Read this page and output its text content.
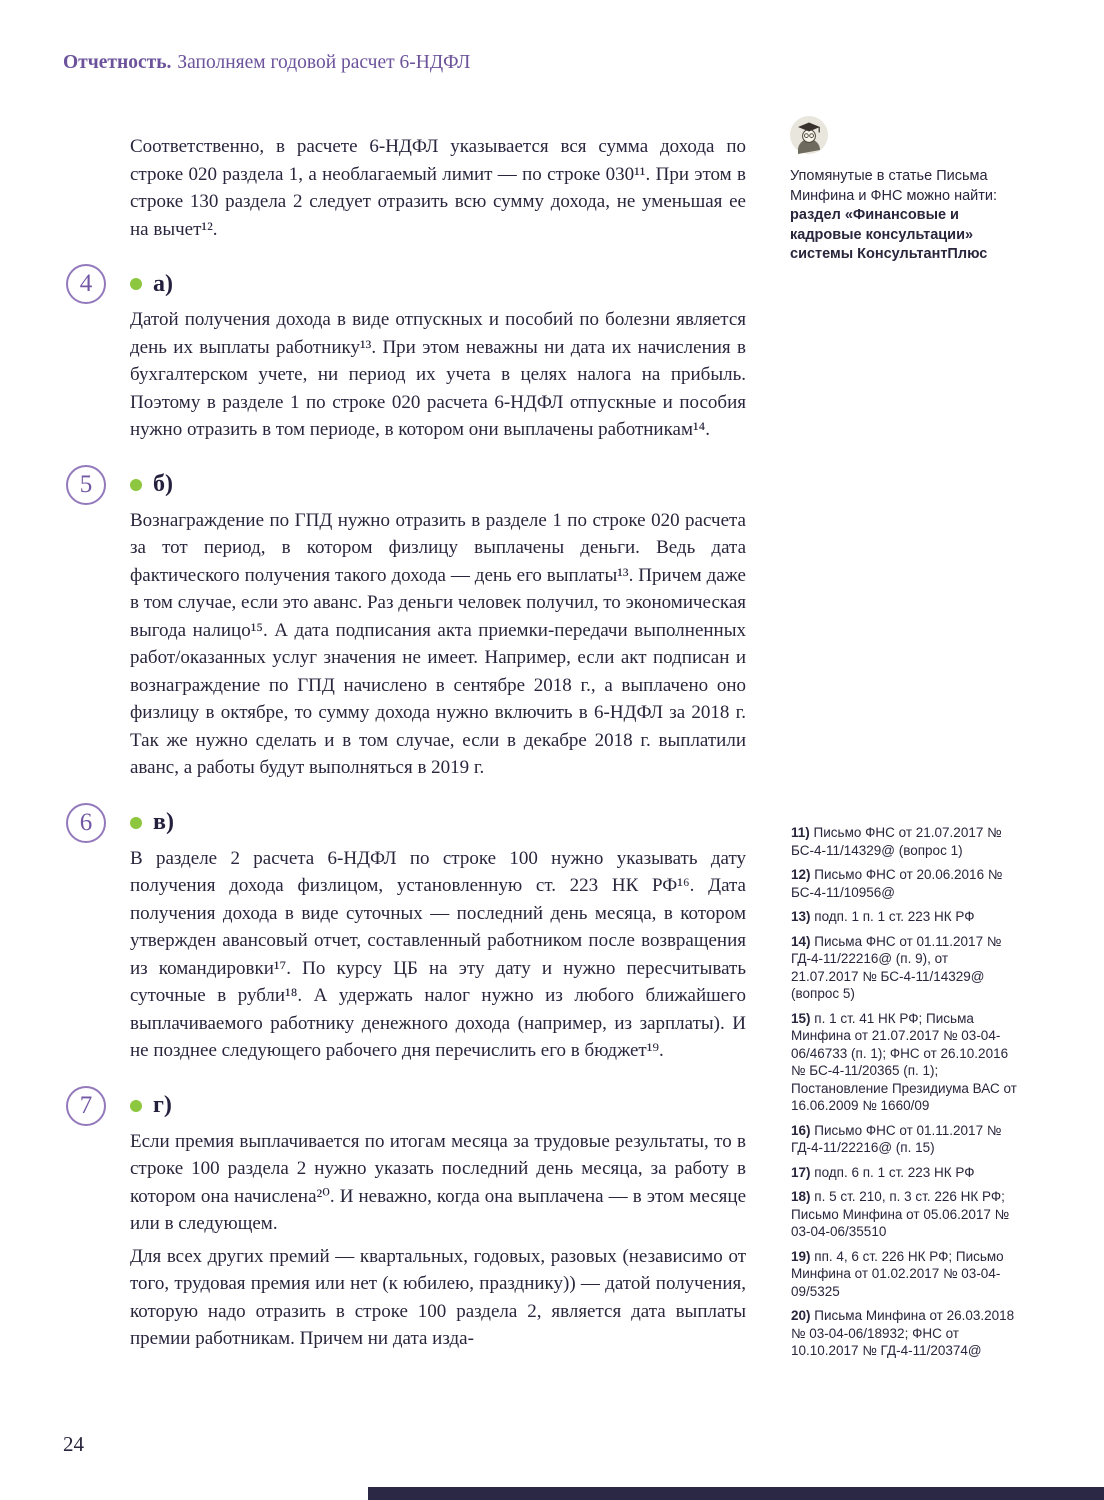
Отчетность. Заполняем годовой расчет 6-НДФЛ

Соответственно, в расчете 6-НДФЛ указывается вся сумма дохода по строке 020 раздела 1, а необлагаемый лимит — по строке 030¹¹. При этом в строке 130 раздела 2 следует отразить всю сумму дохода, не уменьшая ее на вычет¹².

4	а)

Датой получения дохода в виде отпускных и пособий по болезни является день их выплаты работнику¹³. При этом неважны ни дата их начисления в бухгалтерском учете, ни период их учета в целях налога на прибыль. Поэтому в разделе 1 по строке 020 расчета 6-НДФЛ отпускные и пособия нужно отразить в том периоде, в котором они выплачены работникам¹⁴.

5	б)

Вознаграждение по ГПД нужно отразить в разделе 1 по строке 020 расчета за тот период, в котором физлицу выплачены деньги. Ведь дата фактического получения такого дохода — день его выплаты¹³. Причем даже в том случае, если это аванс. Раз деньги человек получил, то экономическая выгода налицо¹⁵. А дата подписания акта приемки-передачи выполненных работ/оказанных услуг значения не имеет. Например, если акт подписан и вознаграждение по ГПД начислено в сентябре 2018 г., а выплачено оно физлицу в октябре, то сумму дохода нужно включить в 6-НДФЛ за 2018 г. Так же нужно сделать и в том случае, если в декабре 2018 г. выплатили аванс, а работы будут выполняться в 2019 г.

6	в)

В разделе 2 расчета 6-НДФЛ по строке 100 нужно указывать дату получения дохода физлицом, установленную ст. 223 НК РФ¹⁶. Дата получения дохода в виде суточных — последний день месяца, в котором утвержден авансовый отчет, составленный работником после возвращения из командировки¹⁷. По курсу ЦБ на эту дату и нужно пересчитывать суточные в рубли¹⁸. А удержать налог нужно из любого ближайшего выплачиваемого работнику денежного дохода (например, из зарплаты). И не позднее следующего рабочего дня перечислить его в бюджет¹⁹.

7	г)

Если премия выплачивается по итогам месяца за трудовые результаты, то в строке 100 раздела 2 нужно указать последний день месяца, за работу в котором она начислена²⁰. И неважно, когда она выплачена — в этом месяце или в следующем.

Для всех других премий — квартальных, годовых, разовых (независимо от того, трудовая премия или нет (к юбилею, празднику)) — датой получения, которую надо отразить в строке 100 раздела 2, является дата выплаты премии работникам. Причем ни дата изда-

Упомянутые в статье Письма Минфина и ФНС можно найти:
раздел «Финансовые и кадровые консультации» системы КонсультантПлюс

11) Письмо ФНС от 21.07.2017 № БС-4-11/14329@ (вопрос 1)

12) Письмо ФНС от 20.06.2016 № БС-4-11/10956@

13) подп. 1 п. 1 ст. 223 НК РФ

14) Письма ФНС от 01.11.2017 № ГД-4-11/22216@ (п. 9), от 21.07.2017 № БС-4-11/14329@ (вопрос 5)

15) п. 1 ст. 41 НК РФ; Письма Минфина от 21.07.2017 № 03-04-06/46733 (п. 1); ФНС от 26.10.2016 № БС-4-11/20365 (п. 1); Постановление Президиума ВАС от 16.06.2009 № 1660/09

16) Письмо ФНС от 01.11.2017 № ГД-4-11/22216@ (п. 15)

17) подп. 6 п. 1 ст. 223 НК РФ

18) п. 5 ст. 210, п. 3 ст. 226 НК РФ; Письмо Минфина от 05.06.2017 № 03-04-06/35510

19) пп. 4, 6 ст. 226 НК РФ; Письмо Минфина от 01.02.2017 № 03-04-09/5325

20) Письма Минфина от 26.03.2018 № 03-04-06/18932; ФНС от 10.10.2017 № ГД-4-11/20374@

24
